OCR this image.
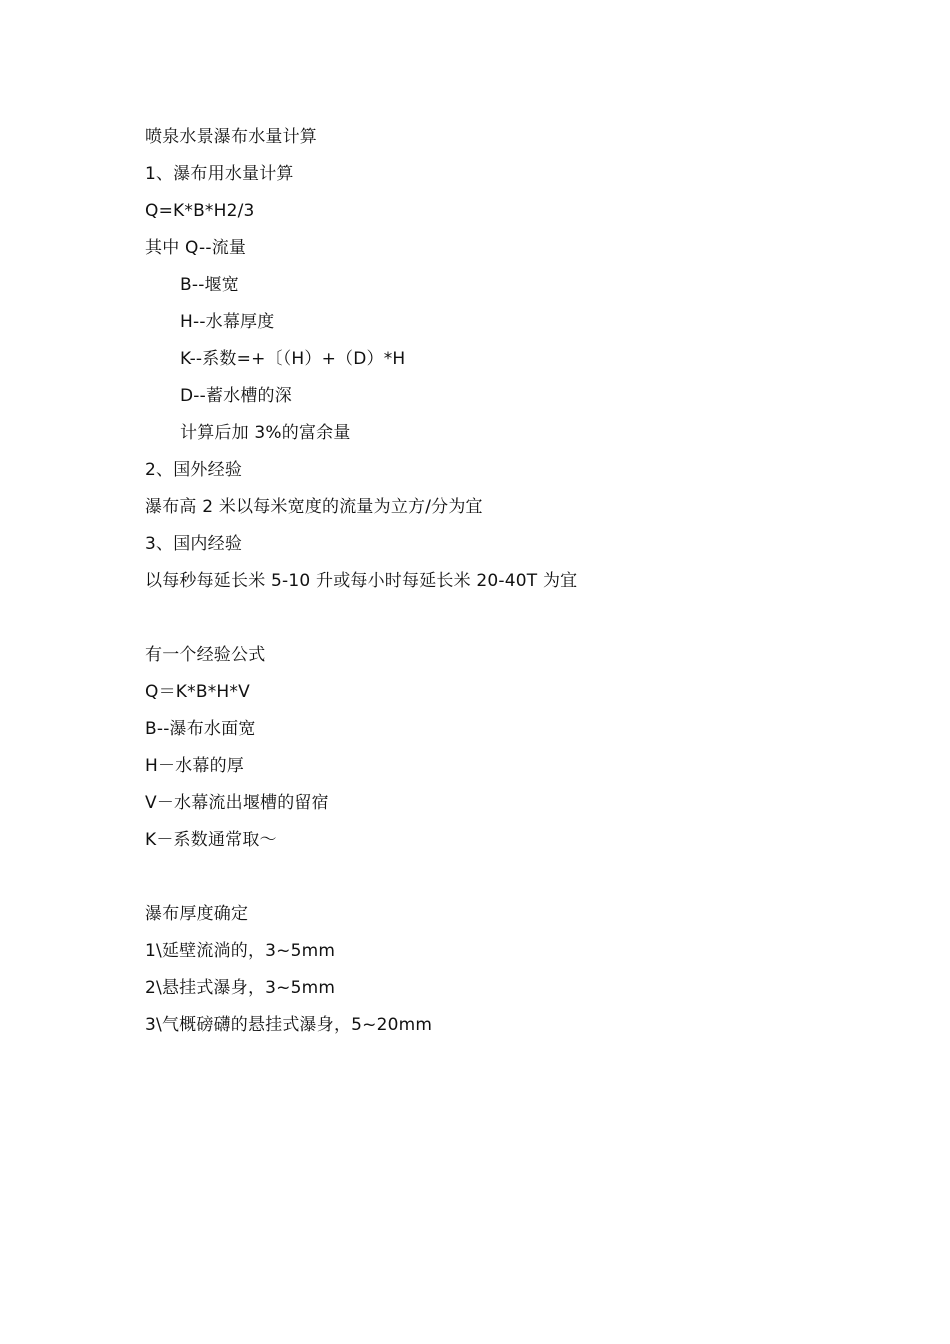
喷泉水景瀑布水量计算
1、瀑布用水量计算
Q=K*B*H2/3
其中 Q--流量
B--堰宽
H--水幕厚度
K--系数=+〔（H）+（D）*H
D--蓄水槽的深
计算后加 3%的富余量
2、国外经验
瀑布高 2 米以每米宽度的流量为立方/分为宜
3、国内经验
以每秒每延长米 5-10 升或每小时每延长米 20-40T 为宜
有一个经验公式
Q＝K*B*H*V
B--瀑布水面宽
H－水幕的厚
V－水幕流出堰槽的留宿
K－系数通常取～
瀑布厚度确定
1\延壁流淌的，3~5mm
2\悬挂式瀑身，3~5mm
3\气概磅礴的悬挂式瀑身，5~20mm
